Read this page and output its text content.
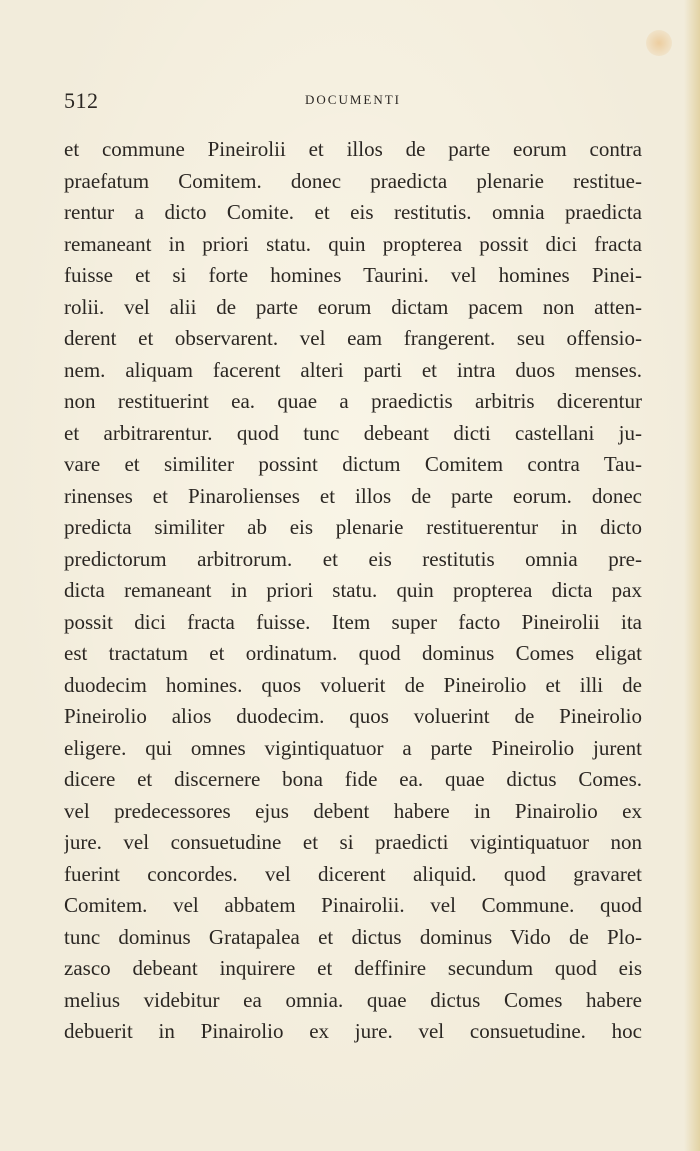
512	DOCUMENTI
et commune Pineirolii et illos de parte eorum contra
praefatum Comitem. donec praedicta plenarie restitue-
rentur a dicto Comite. et eis restitutis. omnia praedicta
remaneant in priori statu. quin propterea possit dici fracta
fuisse et si forte homines Taurini. vel homines Pinei-
rolii. vel alii de parte eorum dictam pacem non atten-
derent et observarent. vel eam frangerent. seu offensio-
nem. aliquam facerent alteri parti et intra duos menses.
non restituerint ea. quae a praedictis arbitris dicerentur
et arbitrarentur. quod tunc debeant dicti castellani ju-
vare et similiter possint dictum Comitem contra Tau-
rinenses et Pinarolienses et illos de parte eorum. donec
predicta similiter ab eis plenarie restituerentur in dicto
predictorum arbitrorum. et eis restitutis omnia pre-
dicta remaneant in priori statu. quin propterea dicta pax
possit dici fracta fuisse. Item super facto Pineirolii ita
est tractatum et ordinatum. quod dominus Comes eligat
duodecim homines. quos voluerit de Pineirolio et illi de
Pineirolio alios duodecim. quos voluerint de Pineirolio
eligere. qui omnes vigintiquatuor a parte Pineirolio jurent
dicere et discernere bona fide ea. quae dictus Comes.
vel predecessores ejus debent habere in Pinairolio ex
jure. vel consuetudine et si praedicti vigintiquatuor non
fuerint concordes. vel dicerent aliquid. quod gravaret
Comitem. vel abbatem Pinairolii. vel Commune. quod
tunc dominus Gratapalea et dictus dominus Vido de Plo-
zasco debeant inquirere et deffinire secundum quod eis
melius videbitur ea omnia. quae dictus Comes habere
debuerit in Pinairolio ex jure. vel consuetudine. hoc
